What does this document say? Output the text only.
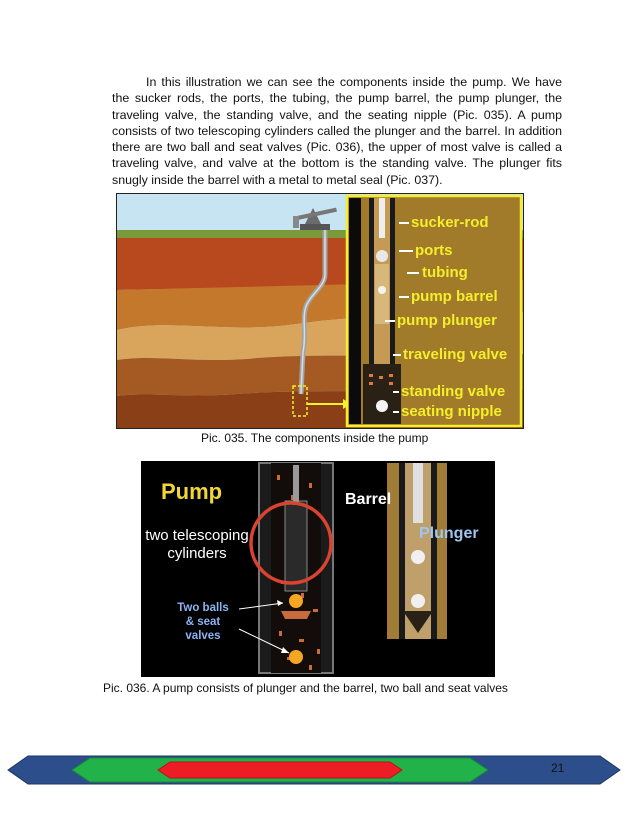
In this illustration we can see the components inside the pump. We have the sucker rods, the ports, the tubing, the pump barrel, the pump plunger, the traveling valve, the standing valve, and the seating nipple (Pic. 035). A pump consists of two telescoping cylinders called the plunger and the barrel. In addition there are two ball and seat valves (Pic. 036), the upper of most valve is called a traveling valve, and valve at the bottom is the standing valve. The plunger fits snugly inside the barrel with a metal to metal seal (Pic. 037).

sucker-rod
ports
tubing
pump barrel
pump plunger
traveling valve
standing valve
seating nipple

Pic. 035. The components inside the pump

Pump
two telescoping
cylinders
Barrel
Plunger
Two balls
& seat
valves

Pic. 036. A pump consists of plunger and the barrel, two ball and seat valves

21
